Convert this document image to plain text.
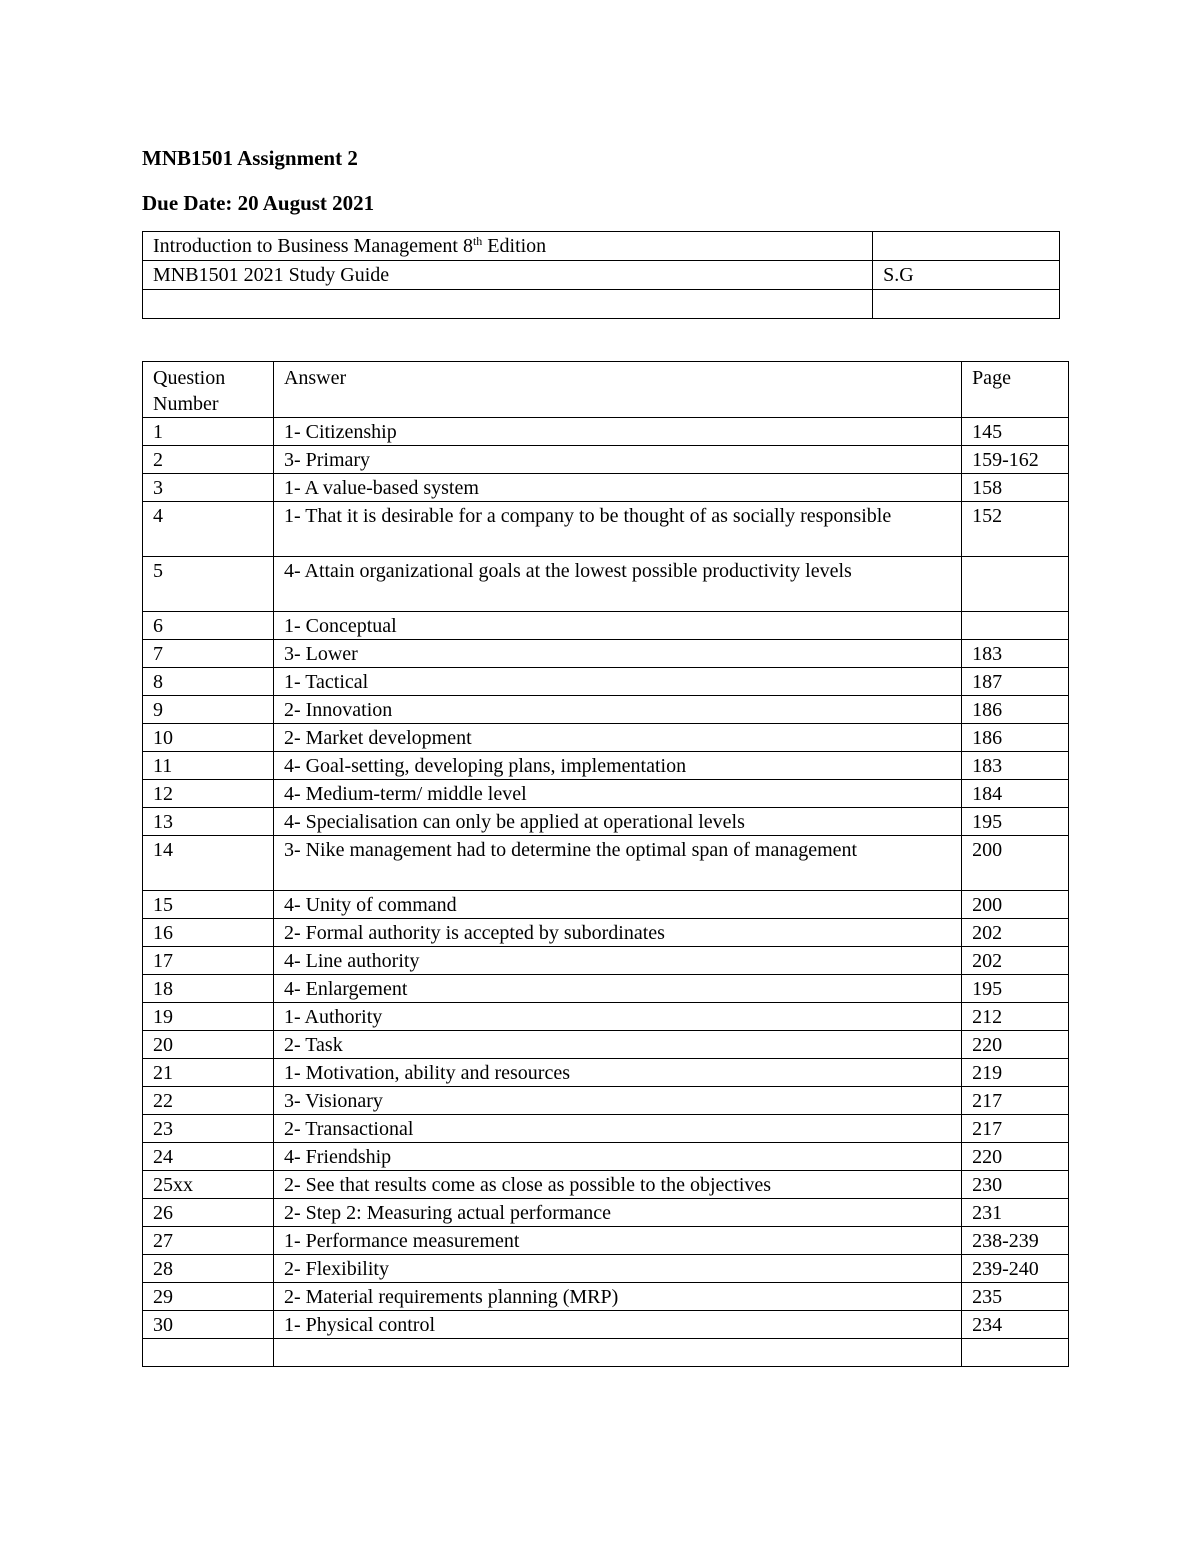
MNB1501 Assignment 2
Due Date: 20 August 2021
Introduction to Business Management 8th Edition	
MNB1501 2021 Study Guide	S.G

Question Number	Answer	Page
1	1- Citizenship	145
2	3- Primary	159-162
3	1- A value-based system	158
4	1- That it is desirable for a company to be thought of as socially responsible	152
5	4- Attain organizational goals at the lowest possible productivity levels	
6	1- Conceptual	
7	3- Lower	183
8	1- Tactical	187
9	2- Innovation	186
10	2- Market development	186
11	4- Goal-setting, developing plans, implementation	183
12	4- Medium-term/ middle level	184
13	4- Specialisation can only be applied at operational levels	195
14	3- Nike management had to determine the optimal span of management	200
15	4- Unity of command	200
16	2- Formal authority is accepted by subordinates	202
17	4- Line authority	202
18	4- Enlargement	195
19	1- Authority	212
20	2- Task	220
21	1- Motivation, ability and resources	219
22	3- Visionary	217
23	2- Transactional	217
24	4- Friendship	220
25xx	2- See that results come as close as possible to the objectives	230
26	2- Step 2: Measuring actual performance	231
27	1- Performance measurement	238-239
28	2- Flexibility	239-240
29	2- Material requirements planning (MRP)	235
30	1- Physical control	234
